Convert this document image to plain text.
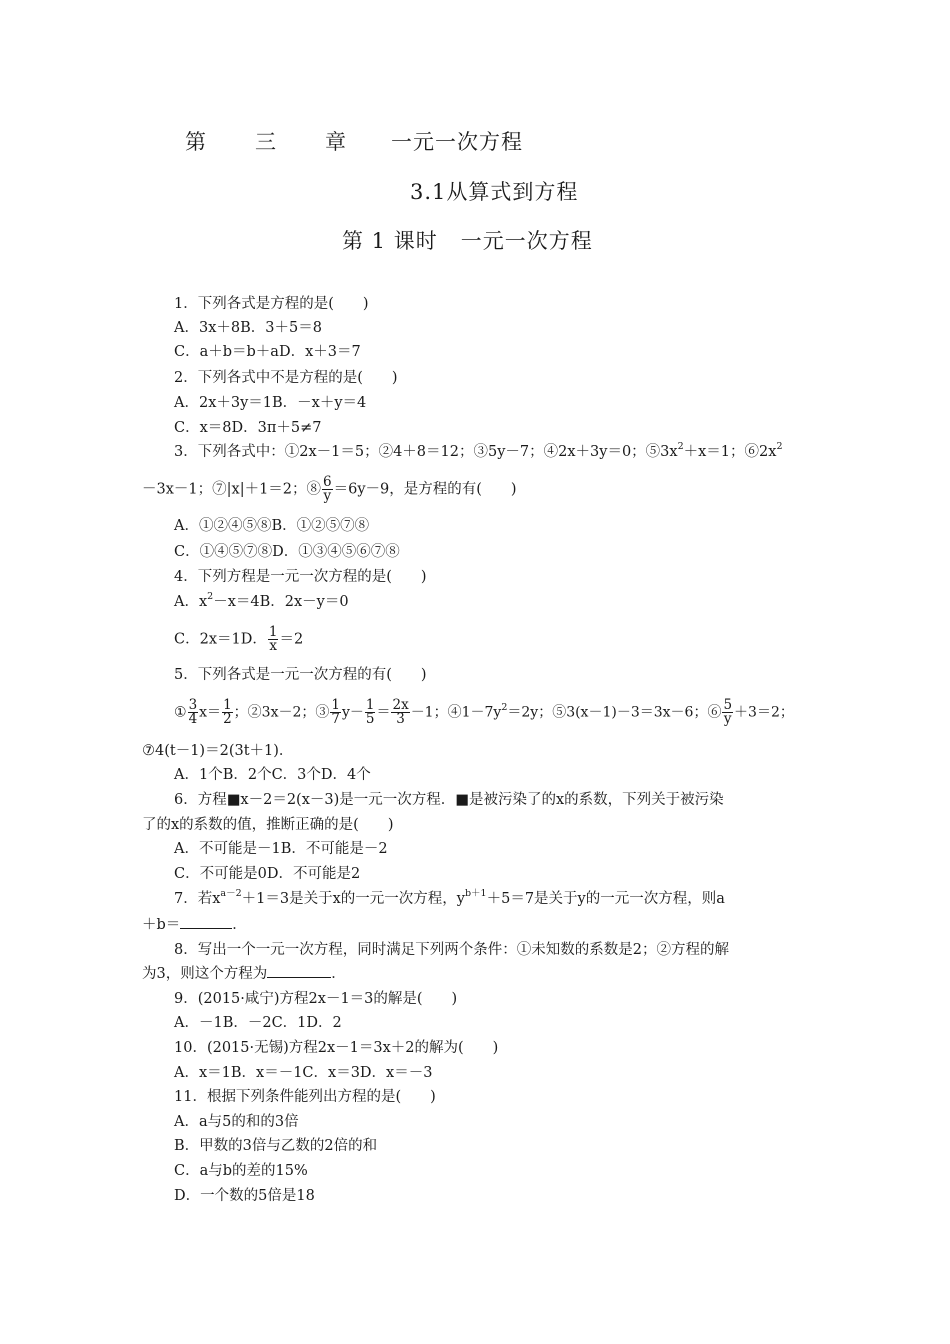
第 三 章 一元一次方程
3.1从算式到方程
第 1 课时   一元一次方程
1．下列各式是方程的是(　　)
A．3x＋8B．3＋5＝8
C．a＋b＝b＋aD．x＋3＝7
2．下列各式中不是方程的是(　　)
A．2x＋3y＝1B．－x＋y＝4
C．x＝8D．3π＋5≠7
3．下列各式中：①2x－1＝5；②4＋8＝12；③5y－7；④2x＋3y＝0；$⑤3x^2+x=1$；$⑥2x^2$
－3x－1；⑦|x|＋1＝2；⑧ $\frac{6}{y} =6y-9$，是方程的有(　　)
A．①②④⑤⑧B．①②⑤⑦⑧
C．①④⑤⑦⑧D．①③④⑤⑥⑦⑧
4．下列方程是一元一次方程的是(　　)
A．$x^2-x=4B$．2x－y＝0
C．2x＝1D． $\frac{1}{x} =2$
5．下列各式是一元一次方程的有(　　)
① $\frac{3}{4} x= \frac{1}{2}$ ；②3x－2；③ $\frac{1}{7} y- \frac{1}{5} = \frac{2x}{3} -1$；$④1-7y^2=2y$；⑤3(x－1)－3＝3x－6；⑥ $\frac{5}{y} +3=2$；
⑦4(t－1)＝2(3t＋1)．
A．1个B．2个C．3个D．4个
6．方程■x－2＝2(x－3)是一元一次方程．■是被污染了的x的系数，下列关于被污染
了的x的系数的值，推断正确的是(　　)
A．不可能是－1B．不可能是－2
C．不可能是0D．不可能是2
7．若$x^{a-2}+1=3$是关于x的一元一次方程，$y^{b+1}+5=7$是关于y的一元一次方程，则a
＋b＝	．
8．写出一个一元一次方程，同时满足下列两个条件：①未知数的系数是2；②方程的解
为3，则这个方程为	．
9．(2015·咸宁)方程2x－1＝3的解是(　　)
A．－1B．－2C．1D．2
10．(2015·无锡)方程2x－1＝3x＋2的解为(　　)
A．x＝1B．x＝－1C．x＝3D．x＝－3
11．根据下列条件能列出方程的是(　　)
A．a与5的和的3倍
B．甲数的3倍与乙数的2倍的和
C．a与b的差的15%
D．一个数的5倍是18
